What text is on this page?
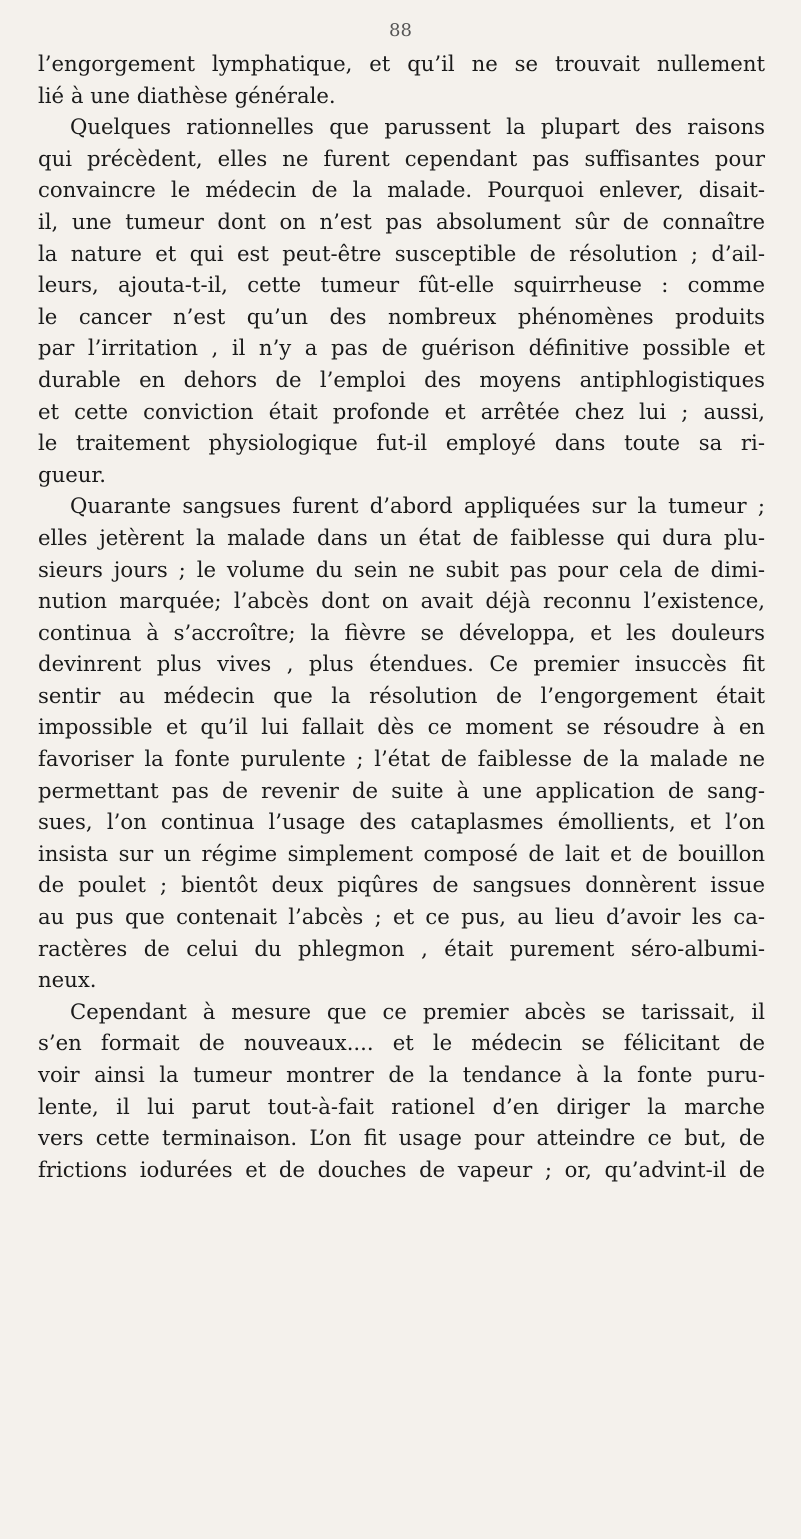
88
l’engorgement lymphatique, et qu’il ne se trouvait nullement
lié à une diathèse générale.
Quelques rationnelles que parussent la plupart des raisons
qui précèdent, elles ne furent cependant pas suffisantes pour
convaincre le médecin de la malade. Pourquoi enlever, disait-
il, une tumeur dont on n’est pas absolument sûr de connaître
la nature et qui est peut-être susceptible de résolution ; d’ail-
leurs, ajouta-t-il, cette tumeur fût-elle squirrheuse : comme
le cancer n’est qu’un des nombreux phénomènes produits
par l’irritation , il n’y a pas de guérison définitive possible et
durable en dehors de l’emploi des moyens antiphlogistiques
et cette conviction était profonde et arrêtée chez lui ; aussi,
le traitement physiologique fut-il employé dans toute sa ri-
gueur.
Quarante sangsues furent d’abord appliquées sur la tumeur ;
elles jetèrent la malade dans un état de faiblesse qui dura plu-
sieurs jours ; le volume du sein ne subit pas pour cela de dimi-
nution marquée; l’abcès dont on avait déjà reconnu l’existence,
continua à s’accroître; la fièvre se développa, et les douleurs
devinrent plus vives , plus étendues. Ce premier insuccès fit
sentir au médecin que la résolution de l’engorgement était
impossible et qu’il lui fallait dès ce moment se résoudre à en
favoriser la fonte purulente ; l’état de faiblesse de la malade ne
permettant pas de revenir de suite à une application de sang-
sues, l’on continua l’usage des cataplasmes émollients, et l’on
insista sur un régime simplement composé de lait et de bouillon
de poulet ; bientôt deux piqûres de sangsues donnèrent issue
au pus que contenait l’abcès ; et ce pus, au lieu d’avoir les ca-
ractères de celui du phlegmon , était purement séro-albumi-
neux.
Cependant à mesure que ce premier abcès se tarissait, il
s’en formait de nouveaux.... et le médecin se félicitant de
voir ainsi la tumeur montrer de la tendance à la fonte puru-
lente, il lui parut tout-à-fait rationel d’en diriger la marche
vers cette terminaison. L’on fit usage pour atteindre ce but, de
frictions iodurées et de douches de vapeur ; or, qu’advint-il de
